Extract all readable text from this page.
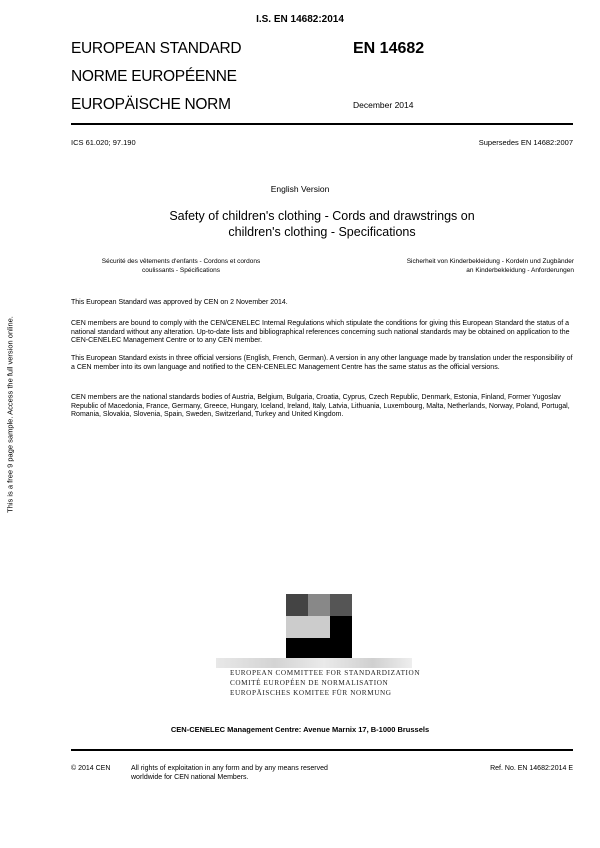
This is a free 9 page sample. Access the full version online.
I.S. EN 14682:2014
EUROPEAN STANDARD
NORME EUROPÉENNE
EUROPÄISCHE NORM
EN 14682
December 2014
ICS 61.020; 97.190	Supersedes EN 14682:2007
English Version
Safety of children's clothing - Cords and drawstrings on
children's clothing - Specifications
Sécurité des vêtements d'enfants - Cordons et cordons
coulissants - Spécifications
Sicherheit von Kinderbekleidung - Kordeln und Zugbänder
an Kinderbekleidung - Anforderungen
This European Standard was approved by CEN on 2 November 2014.
CEN members are bound to comply with the CEN/CENELEC Internal Regulations which stipulate the conditions for giving this European Standard the status of a national standard without any alteration. Up-to-date lists and bibliographical references concerning such national standards may be obtained on application to the CEN-CENELEC Management Centre or to any CEN member.
This European Standard exists in three official versions (English, French, German). A version in any other language made by translation under the responsibility of a CEN member into its own language and notified to the CEN-CENELEC Management Centre has the same status as the official versions.
CEN members are the national standards bodies of Austria, Belgium, Bulgaria, Croatia, Cyprus, Czech Republic, Denmark, Estonia, Finland, Former Yugoslav Republic of Macedonia, France, Germany, Greece, Hungary, Iceland, Ireland, Italy, Latvia, Lithuania, Luxembourg, Malta, Netherlands, Norway, Poland, Portugal, Romania, Slovakia, Slovenia, Spain, Sweden, Switzerland, Turkey and United Kingdom.
EUROPEAN COMMITTEE FOR STANDARDIZATION
COMITÉ EUROPÉEN DE NORMALISATION
EUROPÄISCHES KOMITEE FÜR NORMUNG
CEN-CENELEC Management Centre: Avenue Marnix 17, B-1000 Brussels
© 2014 CEN	All rights of exploitation in any form and by any means reserved
worldwide for CEN national Members.
Ref. No. EN 14682:2014 E
